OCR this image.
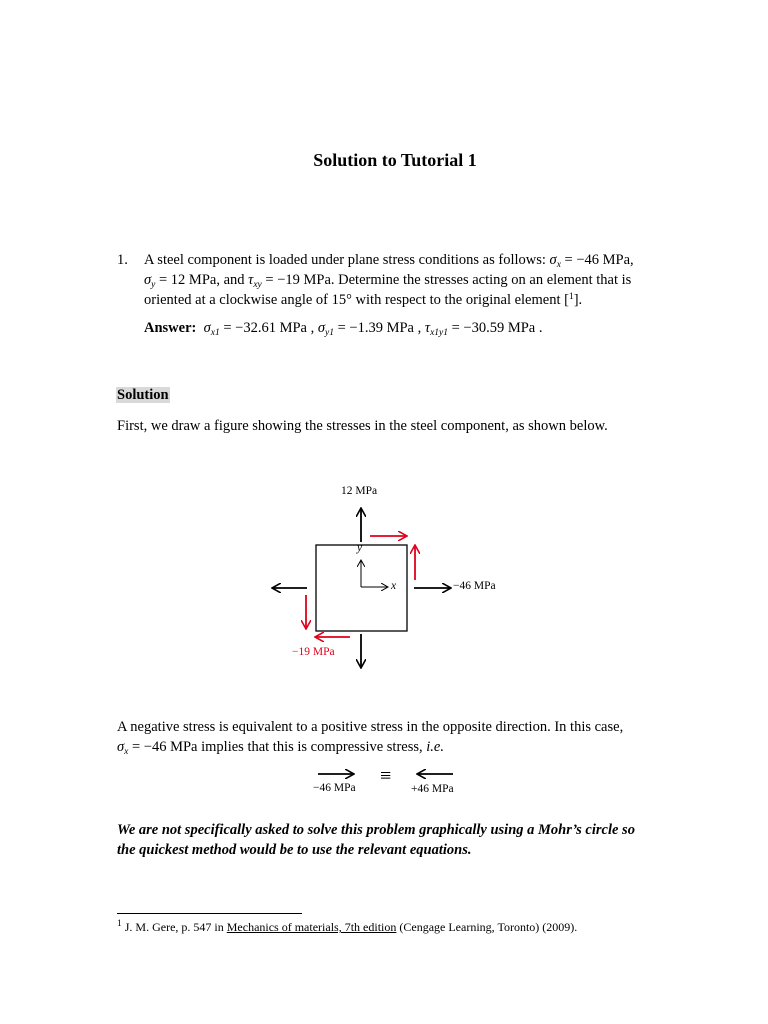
Solution to Tutorial 1
1. A steel component is loaded under plane stress conditions as follows: $\sigma_x = -46$ MPa,
$\sigma_y = 12$ MPa, and $\tau_{xy} = -19$ MPa. Determine the stresses acting on an element that is
oriented at a clockwise angle of 15° with respect to the original element [$^1$].
Answer: $\sigma_{x1} = -32.61$ MPa , $\sigma_{y1} = -1.39$ MPa , $\tau_{x1y1} = -30.59$ MPa .
Solution
First, we draw a figure showing the stresses in the steel component, as shown below.
12 MPa
−46 MPa
−19 MPa
y
x
A negative stress is equivalent to a positive stress in the opposite direction. In this case,
$\sigma_x = -46$ MPa implies that this is compressive stress, i.e.
≡
−46 MPa	+46 MPa
We are not specifically asked to solve this problem graphically using a Mohr’s circle so
the quickest method would be to use the relevant equations.
$^1$ J. M. Gere, p. 547 in Mechanics of materials, 7th edition (Cengage Learning, Toronto) (2009).
